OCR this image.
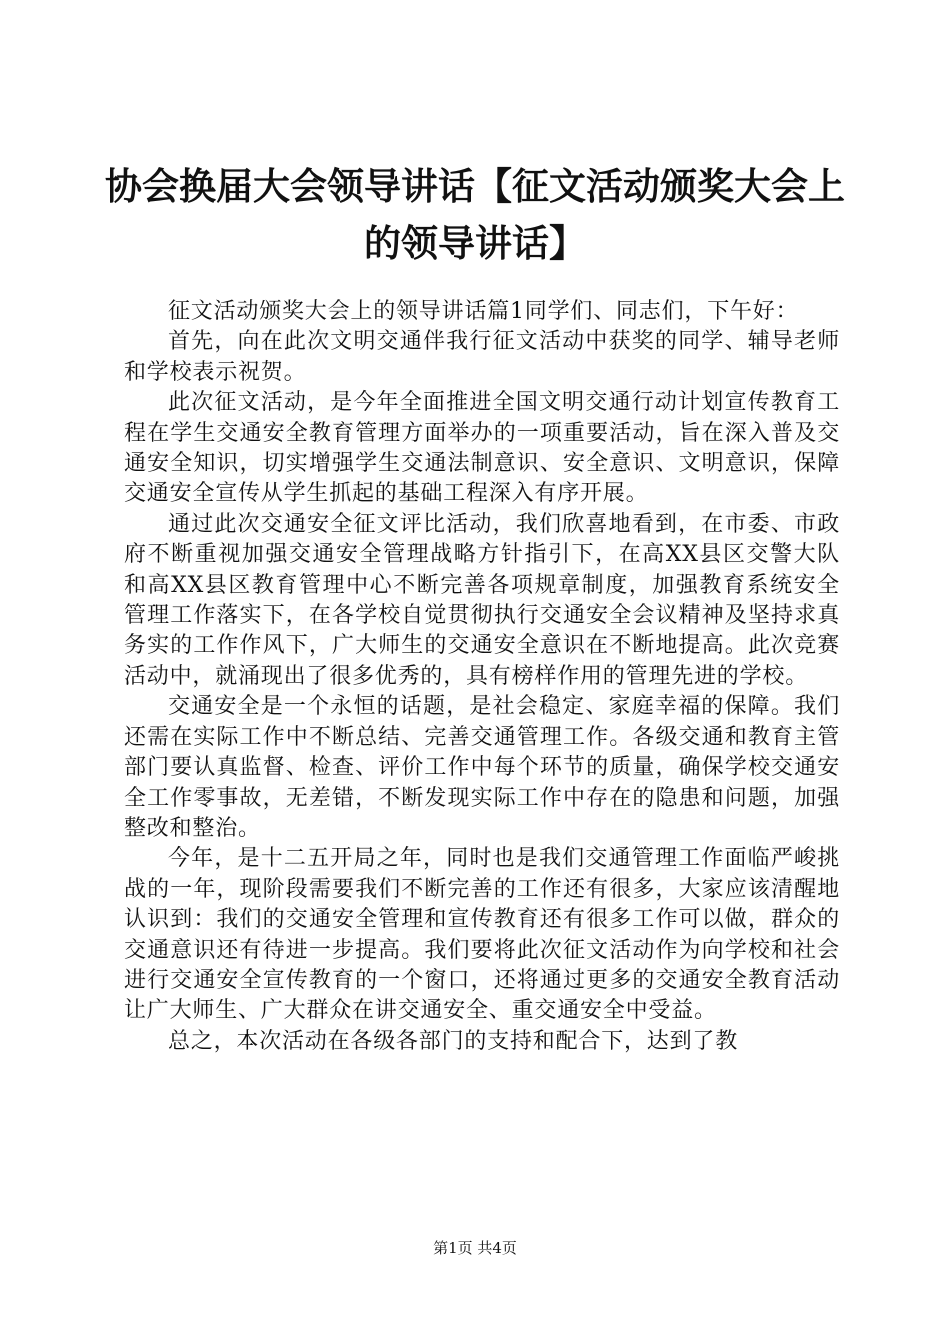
协会换届大会领导讲话【征文活动颁奖大会上
的领导讲话】

征文活动颁奖大会上的领导讲话篇1同学们、同志们，下午好：

首先，向在此次文明交通伴我行征文活动中获奖的同学、辅导老师和学校表示祝贺。

此次征文活动，是今年全面推进全国文明交通行动计划宣传教育工程在学生交通安全教育管理方面举办的一项重要活动，旨在深入普及交通安全知识，切实增强学生交通法制意识、安全意识、文明意识，保障交通安全宣传从学生抓起的基础工程深入有序开展。

通过此次交通安全征文评比活动，我们欣喜地看到，在市委、市政府不断重视加强交通安全管理战略方针指引下，在高XX县区交警大队和高XX县区教育管理中心不断完善各项规章制度，加强教育系统安全管理工作落实下，在各学校自觉贯彻执行交通安全会议精神及坚持求真务实的工作作风下，广大师生的交通安全意识在不断地提高。此次竞赛活动中，就涌现出了很多优秀的，具有榜样作用的管理先进的学校。

交通安全是一个永恒的话题，是社会稳定、家庭幸福的保障。我们还需在实际工作中不断总结、完善交通管理工作。各级交通和教育主管部门要认真监督、检查、评价工作中每个环节的质量，确保学校交通安全工作零事故，无差错，不断发现实际工作中存在的隐患和问题，加强整改和整治。

今年，是十二五开局之年，同时也是我们交通管理工作面临严峻挑战的一年，现阶段需要我们不断完善的工作还有很多，大家应该清醒地认识到：我们的交通安全管理和宣传教育还有很多工作可以做，群众的交通意识还有待进一步提高。我们要将此次征文活动作为向学校和社会进行交通安全宣传教育的一个窗口，还将通过更多的交通安全教育活动让广大师生、广大群众在讲交通安全、重交通安全中受益。

总之，本次活动在各级各部门的支持和配合下，达到了教

第1页 共4页
